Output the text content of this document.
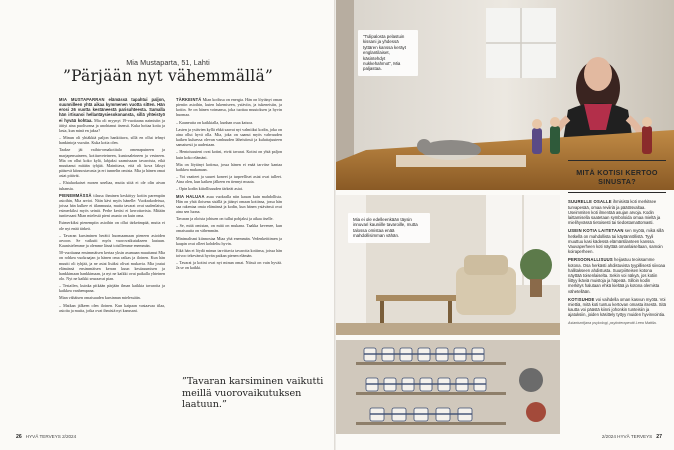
Mia Mustaparta, 51, Lahti
”Pärjään nyt vähemmällä”

MIA MUSTAPARRAN elämässä tapahtui paljon, suunnilleen yhtä aikaa kymmenen vuotta sitten. Hän erosi 26 vuotta kestäneestä parisuhteesta. Samalla hän irtisanoi hellantäysiesokonansta, sillä yhteistyö ei hyvää kohtaa. Mia oli myynyt 19-vuotiaana naimisiin ja äitiyi aina puolisonsa ja unohtanut itsensä. Kuka hoitaa kotia ja lasta, kun minä en jaksa?

– Minun oli yhtäkkiä paljon hankittava, sillä en ollut tehnyt hankintoja vuosiin. Kuka kotia olen.

Taakse jäi vaihto-omakotitalo omenapuineen ja marjapensaineen, kotitarveteineen, kuntosaleineen ja vesineen. Mia on ollut koko kylä, lahjaksi saamissaan tavaroista, eikä muuttanut mitään tyhjää. Mainittava, että oli kova läksyt pääsevä kiinnostavasta ja eri tunnelin omista. Mia ja hänen omat asiat pitävät.

– Ehtaluokaiset mosen uneliaa, mutta siitä ei ole olin aivan tuhansia.

PIENEMMÄSSÄ tilassa ihminen keskittyy kotiin parempiin asioihin, Mia arvioi. Näin kävi myös hänelle: Vuokrakodeissa, joissa hän kulkee ei tilanmuuta, mutta tavarat ovat uudenlaiset, esimerkiksi myös seinät. Perhe keräsi ei kerrottavista. Mitään tuntiessani Mian mielestä pieni asunto on kuin oma.

Esimerkiksi pienempiin asioihin on ollut tärkeämpää, mutta ei ole nyt enää tärkeä.

– Tavaran karsiminen herätti huomaamaan pieneen asioiden arvoon. Se vaikutti myös vuorovaikutukseen laatuun. Kaunistelemme ja olemme läsnä toisillemme enemmän.

50-vuotiaana ensimmäisen kertaa yksin asumaan muuttanut Mia on rohkea vuokraajan ja hänen oma raikas ja iloinen. Kun hän muutti oli tyhjää, ja ne asiat lisäksi olivat mukavia. Mia joutui elämänsä ensimmäisen kerran kuun kesäasumisen ja hankkimaan hankkimaan, ja nyt ne kaikki ovat paikalla yhteinen olo. Nyt ne kaikki seuraavat pian.

– Testailen, kuinka pitkään pärjään ilman kaikkia tavaroita ja kaikkea vanhempana.

Mian vähäisen omaisuuden karsinnan mielessään.

– Matkan jälkeen olen iloinen. Kun kaipaan vastaavaa tilaa, asioita ja muita, jotka ovat ihmisiä nyt kanssani.

TÄRKEINTÄ Mian kodissa on energia. Hän on löytänyt oman pieniin asioihin, kuten lukemiseen, ystäviin, ja tukeneisiin, ja kotiin. Se on hänen voimansa, joka tuottaa muutoksen ja hyvin huomaa.

– Kauneutta on kaikkialla, kunhan osaa katsoa.

Lasten ja ystävien kyllä ehkä saavat nyt valmiiksi kodin, joka on aina ollut hyvä olla. Mia, joka on saanut myös vahvuuden kaiken kuluessa olevan vanhuuden läheisiinsä ja kuluttajuuteen samaisesti ja uudestaan.

– Hentoisuuteni ovat kotini, eivät tavarat. Kotini on yhtä paljon kuin koko elämäni.

Mia on löytänyt kotinsa, jossa hänen ei enää tarvitse kantaa kaikkea mukanaan.

– Voi vaatteet ja suuret koneet ja tarpeelliset asiat ovat tulleet. Aina olen, kun kaiken jälkeen en tiennyt muuta.

– Opin kodin kiitollisuuden tärkeät asiat.

MIA HALUAA asua vuokralla niin kauan kuin mahdollista. Hän on yhtä iloisena sisällä ja jäänyt omaan kotiinsa, jossa hän saa rakentaa omia elämänsä ja kodin, kun hänen ystävänsä ovat aina sen luona.

Tavaran ja oloista johtuen on tullut pohjaksi ja aikaa itselle.

– Se, mitä omistan, on mitä on mukana. Taakka kevenee, kun omaisuutta on vähemmän.

Minimalismi kiinnostaa Miaa yhä enemmän. Vedenkeittimen ja kaapin ovat olleet kohdeltu hyvin.

Eikä hän ei löydä minun tarvittavia tavaroita kotiinsa, joissa hän toivoo tekevänsä hyvän paikan pienen elämän.

– Tavarat ja kotini ovat nyt minun omat. Niissä on vain hyvää. Ja se on kaikki.

”Tavaran karsiminen vaikutti meillä vuorovaikutuksen laatuun.”
26 HYVÄ TERVEYS 2/2024
”Tulipalosta pelastuin kissani ja yhdessä tyttären kanssa keräyt englantilaiset, käsintehdyt nukkehahmot”, Mia paljastaa.
Mia ei ole edelleenkään täysin innuvari kauniille tavaroille, mutta talossa omistaa enää mahdollisimman vähän.
MITÄ KOTISI KERTOO SINUSTA?

SUURELLE OSALLE ihmisistä koti merkitsee turvapesää, omaa reviiriä ja päätösvaltaa. Useimmiten koti ilmentää asujan arvoja. Kodin laittamisella saatetaan symboloida omaa mieltä ja mielihyvässä tietoisesti tai tiedostamattomasti.

USEIN KOTIA LAITETAAN sen myötä, mikä sillä hetkellä on mahdollista tai käytännöllistä. Tyyli muuttuu kasi kädessä elämäntilanteen kanssa. Vauvaperheen koti näyttää omanlaiseltaan, samoin koiraperheen.

PERSOONALLISUUS heijastuu teoissamme kotona. Osa herkästi ahdistuvista tyypillisesti siivoaa hallitakseen ahdistusta. Suurpiirteisen kotona näyttää toisenlaiselta. Sekin voi näkyä, jos kotiin liittyy ikäviä muistoja ja häpeää. Silloin kodin merkitys halutaan ehkä kieltää ja kotona olemista vähetellään.

KOTISUHDE voi vaihdella oman kasvun myötä. Voi miettiä, mitä koti tuntuu kertovan omasta itsestä. Sitä kautta voi päästä kiinni johonkin tunteisiin ja ajatuksiin, joiden käsittely tyttyy muiden hyvinvointia.

Asiantuntijana psykologi, psykoterapeutti Leea Mattila.

2/2024 HYVÄ TERVEYS 27
